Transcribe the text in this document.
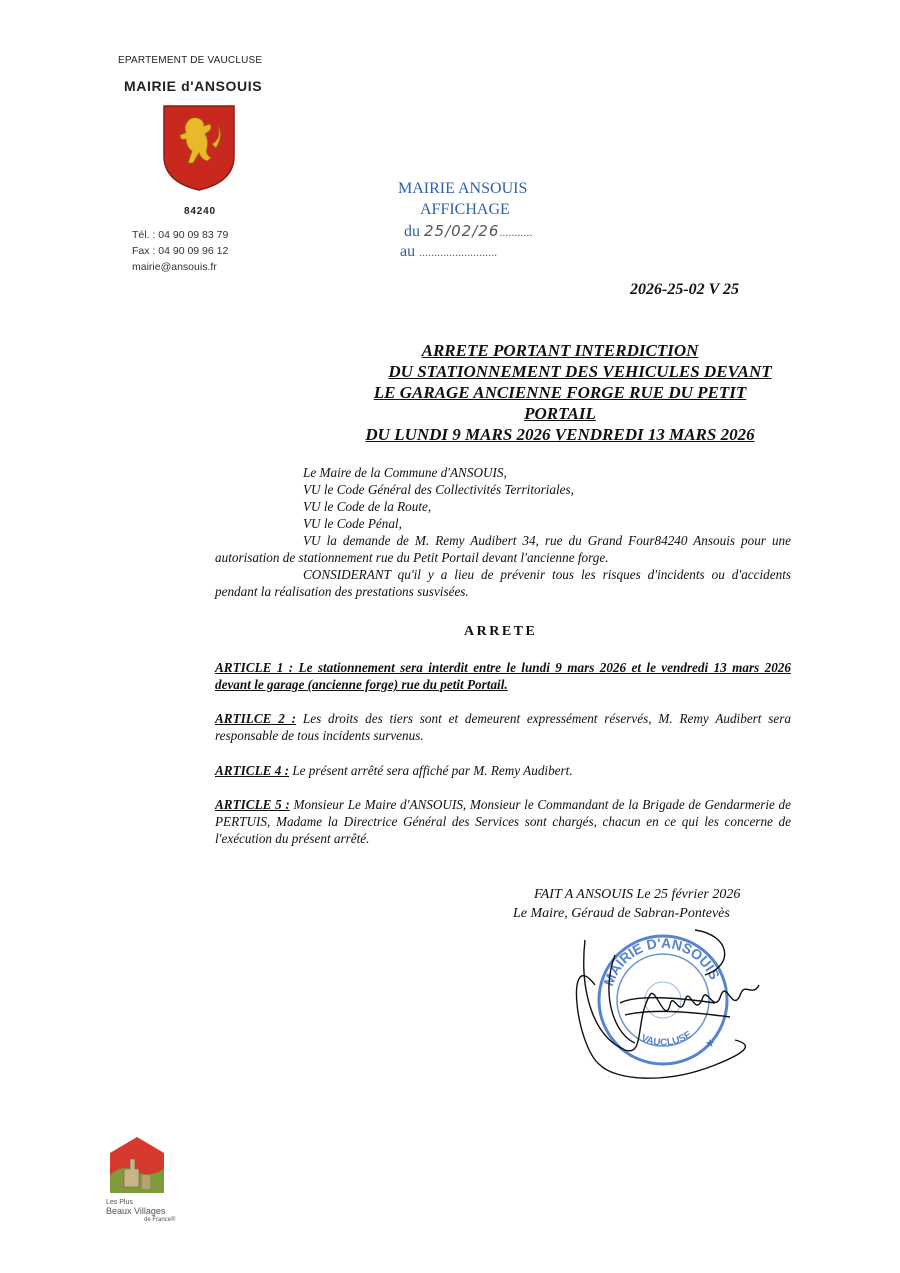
EPARTEMENT DE VAUCLUSE
MAIRIE d'ANSOUIS
84240
Tél. : 04 90 09 83 79
Fax : 04 90 09 96 12
mairie@ansouis.fr
MAIRIE ANSOUIS
AFFICHAGE
du 25/02/26...........
au ..........................
2026-25-02 V 25
ARRETE PORTANT INTERDICTION
DU STATIONNEMENT DES VEHICULES DEVANT
LE GARAGE ANCIENNE FORGE RUE DU PETIT
PORTAIL
DU LUNDI 9 MARS 2026 VENDREDI 13 MARS 2026
Le Maire de la Commune d'ANSOUIS,
VU le Code Général des Collectivités Territoriales,
VU le Code de la Route,
VU le Code Pénal,
VU la demande de M. Remy Audibert 34, rue du Grand Four84240 Ansouis pour une autorisation de stationnement rue du Petit Portail devant l'ancienne forge.
CONSIDERANT qu'il y a lieu de prévenir tous les risques d'incidents ou d'accidents pendant la réalisation des prestations susvisées.
ARRETE
ARTICLE 1 : Le stationnement sera interdit entre le lundi 9 mars 2026 et le vendredi 13 mars 2026 devant le garage (ancienne forge) rue du petit Portail.
ARTILCE 2 : Les droits des tiers sont et demeurent expressément réservés, M. Remy Audibert sera responsable de tous incidents survenus.
ARTICLE 4 : Le présent arrêté sera affiché par M. Remy Audibert.
ARTICLE 5 : Monsieur Le Maire d'ANSOUIS, Monsieur le Commandant de la Brigade de Gendarmerie de PERTUIS, Madame la Directrice Général des Services sont chargés, chacun en ce qui les concerne de l'exécution du présent arrêté.
FAIT A ANSOUIS Le 25 février 2026
Le Maire, Géraud de Sabran-Pontevès
MAIRIE D'ANSOUIS
VAUCLUSE
★
Les Plus
Beaux Villages
de France®
